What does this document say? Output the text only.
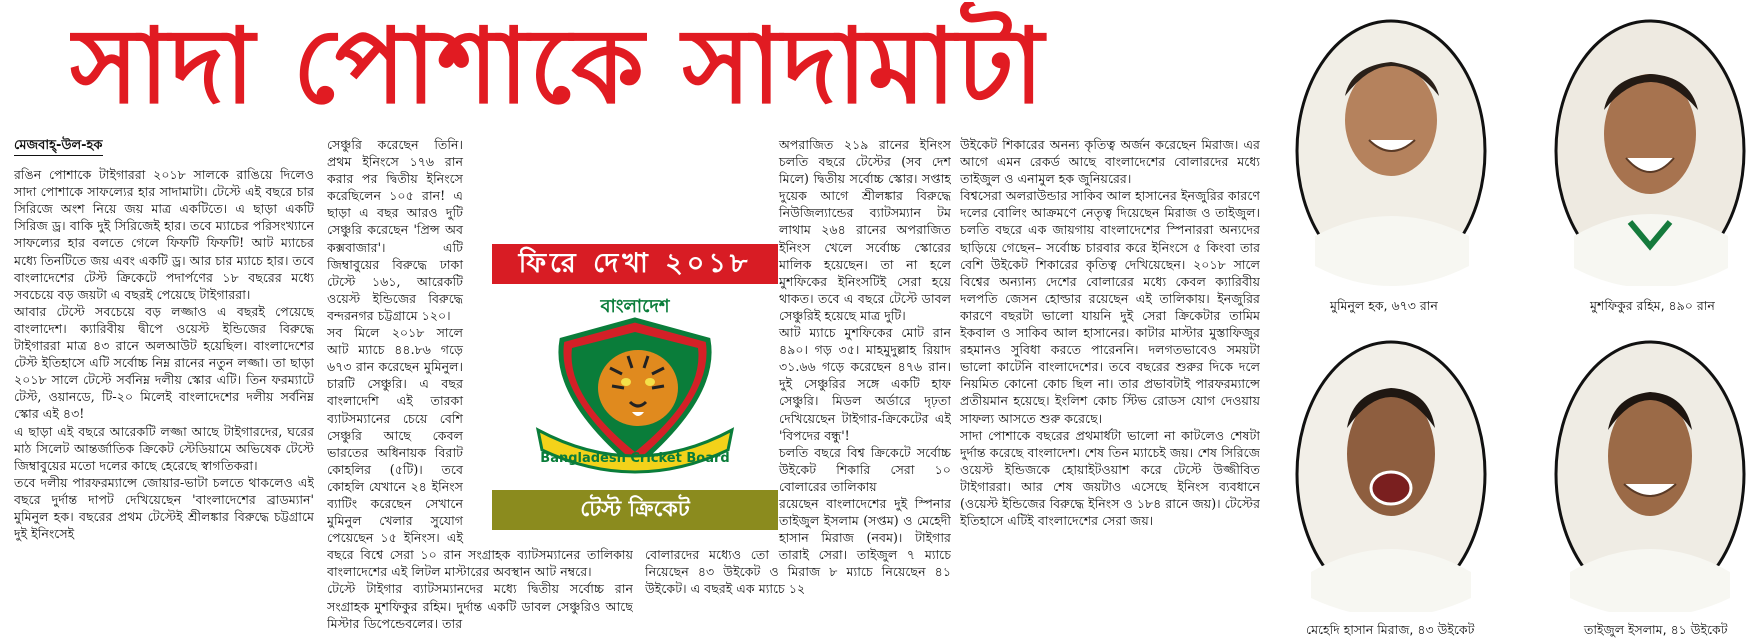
সাদা পোশাকে সাদামাটা
মেজবাহ্-উল-হক

রঙিন পোশাকে টাইগাররা ২০১৮ সালকে রাঙিয়ে দিলেও সাদা পোশাকে সাফল্যের হার সাদামাটা। টেস্টে এই বছরে চার সিরিজে অংশ নিয়ে জয় মাত্র একটিতে। এ ছাড়া একটি সিরিজ ড্র। বাকি দুই সিরিজেই হার। তবে ম্যাচের পরিসংখ্যানে সাফল্যের হার বলতে গেলে ফিফটি ফিফটি! আট ম্যাচের মধ্যে তিনটিতে জয় এবং একটি ড্র। আর চার ম্যাচে হার। তবে বাংলাদেশের টেস্ট ক্রিকেটে পদার্পণের ১৮ বছরের মধ্যে সবচেয়ে বড় জয়টা এ বছরই পেয়েছে টাইগাররা।

আবার টেস্টে সবচেয়ে বড় লজ্জাও এ বছরই পেয়েছে বাংলাদেশ। ক্যারিবীয় দ্বীপে ওয়েস্ট ইন্ডিজের বিরুদ্ধে টাইগাররা মাত্র ৪৩ রানে অলআউট হয়েছিল। বাংলাদেশের টেস্ট ইতিহাসে এটি সর্বোচ্চ নিম্ন রানের নতুন লজ্জা। তা ছাড়া ২০১৮ সালে টেস্টে সর্বনিম্ন দলীয় স্কোর এটি। তিন ফরম্যাটে টেস্ট, ওয়ানডে, টি-২০ মিলেই বাংলাদেশের দলীয় সর্বনিম্ন স্কোর এই ৪৩!

এ ছাড়া এই বছরে আরেকটি লজ্জা আছে টাইগারদের, ঘরের মাঠ সিলেট আন্তর্জাতিক ক্রিকেট স্টেডিয়ামে অভিষেক টেস্টে জিম্বাবুয়ের মতো দলের কাছে হেরেছে স্বাগতিকরা।

তবে দলীয় পারফরম্যান্সে জোয়ার-ভাটা চলতে থাকলেও এই বছরে দুর্দান্ত দাপট দেখিয়েছেন 'বাংলাদেশের ব্রাডম্যান' মুমিনুল হক। বছরের প্রথম টেস্টেই শ্রীলঙ্কার বিরুদ্ধে চট্টগ্রামে দুই ইনিংসেই

সেঞ্চুরি করেছেন তিনি। প্রথম ইনিংসে ১৭৬ রান করার পর দ্বিতীয় ইনিংসে করেছিলেন ১০৫ রান! এ ছাড়া এ বছর আরও দুটি সেঞ্চুরি করেছেন 'প্রিন্স অব কক্সবাজার'। এটি জিম্বাবুয়ের বিরুদ্ধে ঢাকা টেস্টে ১৬১, আরেকটি ওয়েস্ট ইন্ডিজের বিরুদ্ধে বন্দরনগর চট্টগ্রামে ১২০।

সব মিলে ২০১৮ সালে আট ম্যাচে ৪৪.৮৬ গড়ে ৬৭৩ রান করেছেন মুমিনুল। চারটি সেঞ্চুরি। এ বছর বাংলাদেশি এই তারকা ব্যাটসম্যানের চেয়ে বেশি সেঞ্চুরি আছে কেবল ভারতের অধিনায়ক বিরাট কোহলির (৫টি)। তবে কোহলি যেখানে ২৪ ইনিংস ব্যাটিং করেছেন সেখানে মুমিনুল খেলার সুযোগ পেয়েছেন ১৫ ইনিংস। এই বছরে বিশ্বে সেরা ১০ রান সংগ্রাহক ব্যাটসম্যানের তালিকায় বাংলাদেশের এই লিটল মাস্টারের অবস্থান আট নম্বরে।

টেস্টে টাইগার ব্যাটসম্যানদের মধ্যে দ্বিতীয় সর্বোচ্চ রান সংগ্রাহক মুশফিকুর রহিম। দুর্দান্ত একটি ডাবল সেঞ্চুরিও আছে মিস্টার ডিপেন্ডেবলের। তার

অপরাজিত ২১৯ রানের ইনিংস চলতি বছরে টেস্টের (সব দেশ মিলে) দ্বিতীয় সর্বোচ্চ স্কোর। সপ্তাহ দুয়েক আগে শ্রীলঙ্কার বিরুদ্ধে নিউজিল্যান্ডের ব্যাটসম্যান টম লাথাম ২৬৪ রানের অপরাজিত ইনিংস খেলে সর্বোচ্চ স্কোরের মালিক হয়েছেন। তা না হলে মুশফিকের ইনিংসটিই সেরা হয়ে থাকত। তবে এ বছরে টেস্টে ডাবল সেঞ্চুরিই হয়েছে মাত্র দুটি।

আট ম্যাচে মুশফিকের মোট রান ৪৯০। গড় ৩৫। মাহমুদুল্লাহ রিয়াদ ৩১.৬৬ গড়ে করেছেন ৪৭৬ রান। দুই সেঞ্চুরির সঙ্গে একটি হাফ সেঞ্চুরি। মিডল অর্ডারে দৃঢ়তা দেখিয়েছেন টাইগার-ক্রিকেটের এই 'বিপদের বন্ধু'!

চলতি বছরে বিশ্ব ক্রিকেটে সর্বোচ্চ উইকেট শিকারি সেরা ১০ বোলারের তালিকায়

রয়েছেন বাংলাদেশের দুই স্পিনার তাইজুল ইসলাম (সপ্তম) ও মেহেদী হাসান মিরাজ (নবম)। টাইগার বোলারদের মধ্যেও তো তারাই সেরা। তাইজুল ৭ ম্যাচে নিয়েছেন ৪৩ উইকেট ও মিরাজ ৮ ম্যাচে নিয়েছেন ৪১ উইকেট। এ বছরই এক ম্যাচে ১২

উইকেট শিকারের অনন্য কৃতিত্ব অর্জন করেছেন মিরাজ। এর আগে এমন রেকর্ড আছে বাংলাদেশের বোলারদের মধ্যে তাইজুল ও এনামুল হক জুনিয়রের।

বিশ্বসেরা অলরাউন্ডার সাকিব আল হাসানের ইনজুরির কারণে দলের বোলিং আক্রমণে নেতৃত্ব দিয়েছেন মিরাজ ও তাইজুল। চলতি বছরে এক জায়গায় বাংলাদেশের স্পিনাররা অন্যদের ছাড়িয়ে গেছেন– সর্বোচ্চ চারবার করে ইনিংসে ৫ কিংবা তার বেশি উইকেট শিকারের কৃতিত্ব দেখিয়েছেন। ২০১৮ সালে বিশ্বের অন্যান্য দেশের বোলারের মধ্যে কেবল ক্যারিবীয় দলপতি জেসন হোল্ডার রয়েছেন এই তালিকায়। ইনজুরির কারণে বছরটা ভালো যায়নি দুই সেরা ক্রিকেটার তামিম ইকবাল ও সাকিব আল হাসানের। কাটার মাস্টার মুস্তাফিজুর রহমানও সুবিধা করতে পারেননি। দলগতভাবেও সময়টা ভালো কাটেনি বাংলাদেশের। তবে বছরের শুরুর দিকে দলে নিয়মিত কোনো কোচ ছিল না। তার প্রভাবটাই পারফরম্যান্সে প্রতীয়মান হয়েছে। ইংলিশ কোচ স্টিভ রোডস যোগ দেওয়ায় সাফল্য আসতে শুরু করেছে।

সাদা পোশাকে বছরের প্রথমার্ধটা ভালো না কাটলেও শেষটা দুর্দান্ত করেছে বাংলাদেশ। শেষ তিন ম্যাচেই জয়। শেষ সিরিজে ওয়েস্ট ইন্ডিজকে হোয়াইটওয়াশ করে টেস্টে উজ্জীবিত টাইগাররা। আর শেষ জয়টাও এসেছে ইনিংস ব্যবধানে (ওয়েস্ট ইন্ডিজের বিরুদ্ধে ইনিংস ও ১৮৪ রানে জয়)। টেস্টের ইতিহাসে এটিই বাংলাদেশের সেরা জয়।

ফিরে দেখা ২০১৮
বাংলাদেশ
Bangladesh Cricket Board
টেস্ট ক্রিকেট
মুমিনুল হক, ৬৭৩ রান	মুশফিকুর রহিম, ৪৯০ রান
মেহেদি হাসান মিরাজ, ৪৩ উইকেট	তাইজুল ইসলাম, ৪১ উইকেট
